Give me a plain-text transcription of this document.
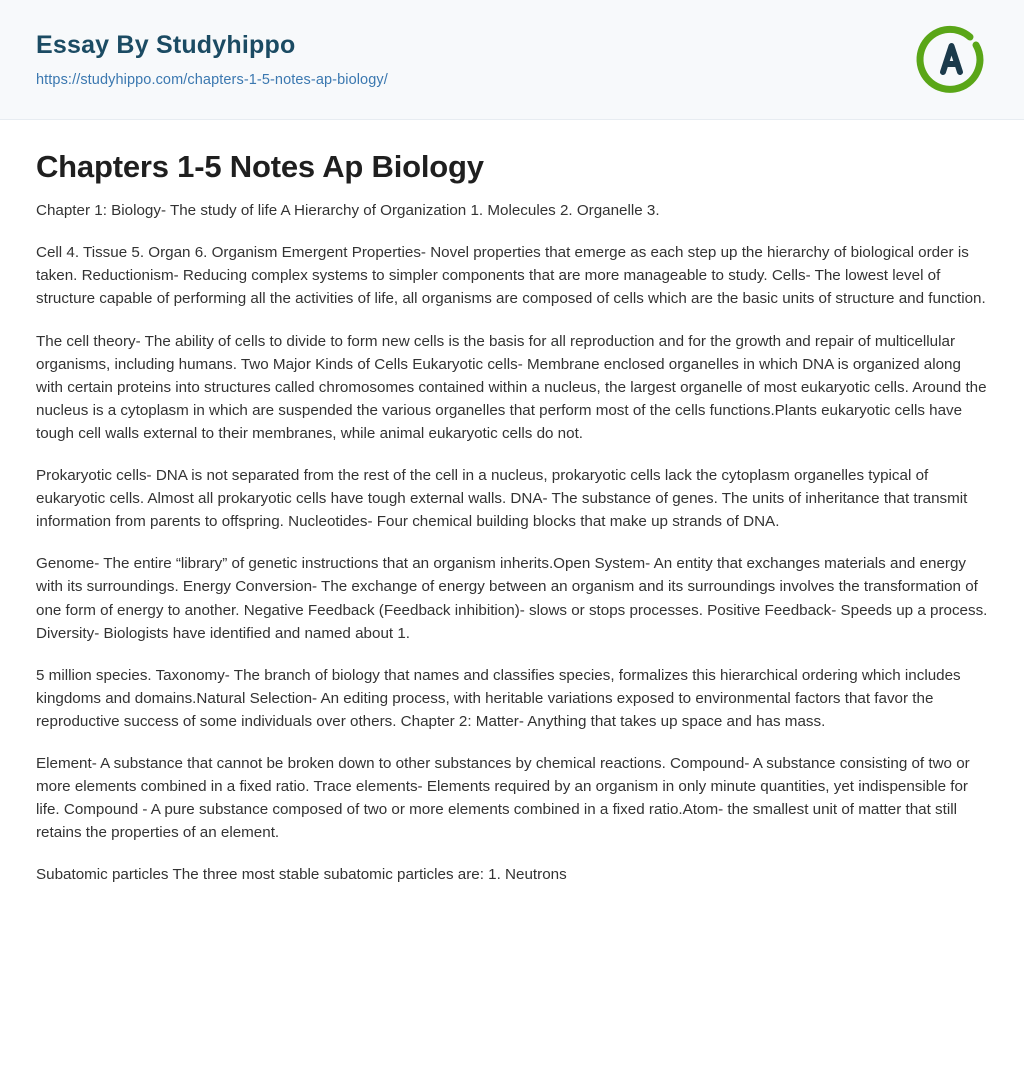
Essay By Studyhippo
https://studyhippo.com/chapters-1-5-notes-ap-biology/
Chapters 1-5 Notes Ap Biology

Chapter 1: Biology- The study of life A Hierarchy of Organization 1. Molecules 2. Organelle 3.

Cell 4. Tissue 5. Organ 6. Organism Emergent Properties- Novel properties that emerge as each step up the hierarchy of biological order is taken. Reductionism- Reducing complex systems to simpler components that are more manageable to study. Cells- The lowest level of structure capable of performing all the activities of life, all organisms are composed of cells which are the basic units of structure and function.

The cell theory- The ability of cells to divide to form new cells is the basis for all reproduction and for the growth and repair of multicellular organisms, including humans. Two Major Kinds of Cells Eukaryotic cells- Membrane enclosed organelles in which DNA is organized along with certain proteins into structures called chromosomes contained within a nucleus, the largest organelle of most eukaryotic cells. Around the nucleus is a cytoplasm in which are suspended the various organelles that perform most of the cells functions.Plants eukaryotic cells have tough cell walls external to their membranes, while animal eukaryotic cells do not.

Prokaryotic cells- DNA is not separated from the rest of the cell in a nucleus, prokaryotic cells lack the cytoplasm organelles typical of eukaryotic cells. Almost all prokaryotic cells have tough external walls. DNA- The substance of genes. The units of inheritance that transmit information from parents to offspring. Nucleotides- Four chemical building blocks that make up strands of DNA.

Genome- The entire “library” of genetic instructions that an organism inherits.Open System- An entity that exchanges materials and energy with its surroundings. Energy Conversion- The exchange of energy between an organism and its surroundings involves the transformation of one form of energy to another. Negative Feedback (Feedback inhibition)- slows or stops processes. Positive Feedback- Speeds up a process. Diversity- Biologists have identified and named about 1.

5 million species. Taxonomy- The branch of biology that names and classifies species, formalizes this hierarchical ordering which includes kingdoms and domains.Natural Selection- An editing process, with heritable variations exposed to environmental factors that favor the reproductive success of some individuals over others. Chapter 2: Matter- Anything that takes up space and has mass.

Element- A substance that cannot be broken down to other substances by chemical reactions. Compound- A substance consisting of two or more elements combined in a fixed ratio. Trace elements- Elements required by an organism in only minute quantities, yet indispensible for life. Compound - A pure substance composed of two or more elements combined in a fixed ratio.Atom- the smallest unit of matter that still retains the properties of an element.

Subatomic particles The three most stable subatomic particles are: 1. Neutrons
